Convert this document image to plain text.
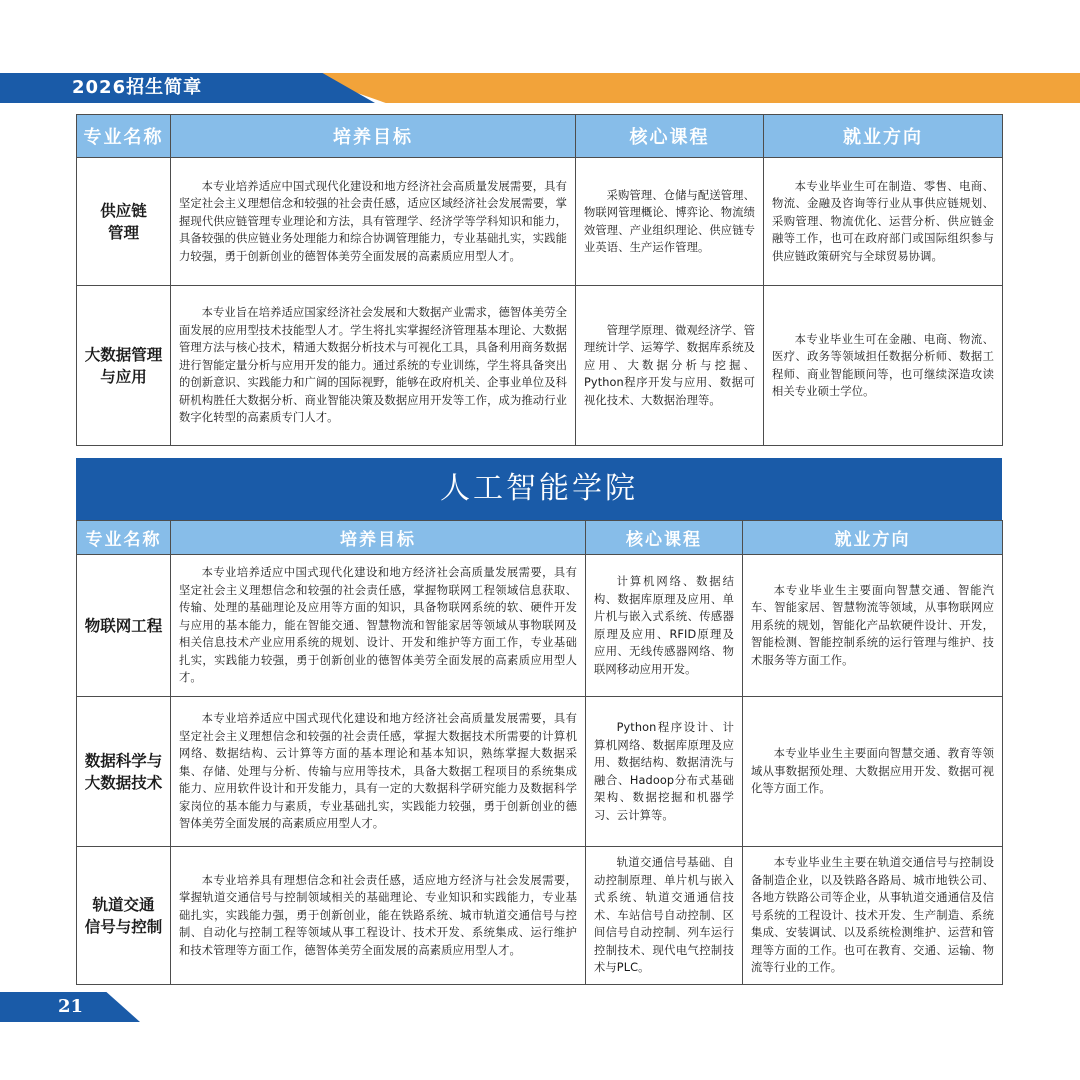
2026招生简章
专业名称	培养目标	核心课程	就业方向
供应链
管理	本专业培养适应中国式现代化建设和地方经济社会高质量发展需要，具有坚定社会主义理想信念和较强的社会责任感，适应区域经济社会发展需要，掌握现代供应链管理专业理论和方法，具有管理学、经济学等学科知识和能力，具备较强的供应链业务处理能力和综合协调管理能力，专业基础扎实，实践能力较强，勇于创新创业的德智体美劳全面发展的高素质应用型人才。	采购管理、仓储与配送管理、物联网管理概论、博弈论、物流绩效管理、产业组织理论、供应链专业英语、生产运作管理。	本专业毕业生可在制造、零售、电商、物流、金融及咨询等行业从事供应链规划、采购管理、物流优化、运营分析、供应链金融等工作，也可在政府部门或国际组织参与供应链政策研究与全球贸易协调。
大数据管理
与应用	本专业旨在培养适应国家经济社会发展和大数据产业需求，德智体美劳全面发展的应用型技术技能型人才。学生将扎实掌握经济管理基本理论、大数据管理方法与核心技术，精通大数据分析技术与可视化工具，具备利用商务数据进行智能定量分析与应用开发的能力。通过系统的专业训练，学生将具备突出的创新意识、实践能力和广阔的国际视野，能够在政府机关、企事业单位及科研机构胜任大数据分析、商业智能决策及数据应用开发等工作，成为推动行业数字化转型的高素质专门人才。	管理学原理、微观经济学、管理统计学、运筹学、数据库系统及应用、大数据分析与挖掘、Python程序开发与应用、数据可视化技术、大数据治理等。	本专业毕业生可在金融、电商、物流、医疗、政务等领域担任数据分析师、数据工程师、商业智能顾问等，也可继续深造攻读相关专业硕士学位。
人工智能学院
专业名称	培养目标	核心课程	就业方向
物联网工程	本专业培养适应中国式现代化建设和地方经济社会高质量发展需要，具有坚定社会主义理想信念和较强的社会责任感，掌握物联网工程领域信息获取、传输、处理的基础理论及应用等方面的知识，具备物联网系统的软、硬件开发与应用的基本能力，能在智能交通、智慧物流和智能家居等领域从事物联网及相关信息技术产业应用系统的规划、设计、开发和维护等方面工作，专业基础扎实，实践能力较强，勇于创新创业的德智体美劳全面发展的高素质应用型人才。	计算机网络、数据结构、数据库原理及应用、单片机与嵌入式系统、传感器原理及应用、RFID原理及应用、无线传感器网络、物联网移动应用开发。	本专业毕业生主要面向智慧交通、智能汽车、智能家居、智慧物流等领域，从事物联网应用系统的规划，智能化产品软硬件设计、开发，智能检测、智能控制系统的运行管理与维护、技术服务等方面工作。
数据科学与
大数据技术	本专业培养适应中国式现代化建设和地方经济社会高质量发展需要，具有坚定社会主义理想信念和较强的社会责任感，掌握大数据技术所需要的计算机网络、数据结构、云计算等方面的基本理论和基本知识，熟练掌握大数据采集、存储、处理与分析、传输与应用等技术，具备大数据工程项目的系统集成能力、应用软件设计和开发能力，具有一定的大数据科学研究能力及数据科学家岗位的基本能力与素质，专业基础扎实，实践能力较强，勇于创新创业的德智体美劳全面发展的高素质应用型人才。	Python程序设计、计算机网络、数据库原理及应用、数据结构、数据清洗与融合、Hadoop分布式基础架构、数据挖掘和机器学习、云计算等。	本专业毕业生主要面向智慧交通、教育等领域从事数据预处理、大数据应用开发、数据可视化等方面工作。
轨道交通
信号与控制	本专业培养具有理想信念和社会责任感，适应地方经济与社会发展需要，掌握轨道交通信号与控制领域相关的基础理论、专业知识和实践能力，专业基础扎实，实践能力强，勇于创新创业，能在铁路系统、城市轨道交通信号与控制、自动化与控制工程等领域从事工程设计、技术开发、系统集成、运行维护和技术管理等方面工作，德智体美劳全面发展的高素质应用型人才。	轨道交通信号基础、自动控制原理、单片机与嵌入式系统、轨道交通通信技术、车站信号自动控制、区间信号自动控制、列车运行控制技术、现代电气控制技术与PLC。	本专业毕业生主要在轨道交通信号与控制设备制造企业，以及铁路各路局、城市地铁公司、各地方铁路公司等企业，从事轨道交通通信及信号系统的工程设计、技术开发、生产制造、系统集成、安装调试、以及系统检测维护、运营和管理等方面的工作。也可在教育、交通、运输、物流等行业的工作。
21
